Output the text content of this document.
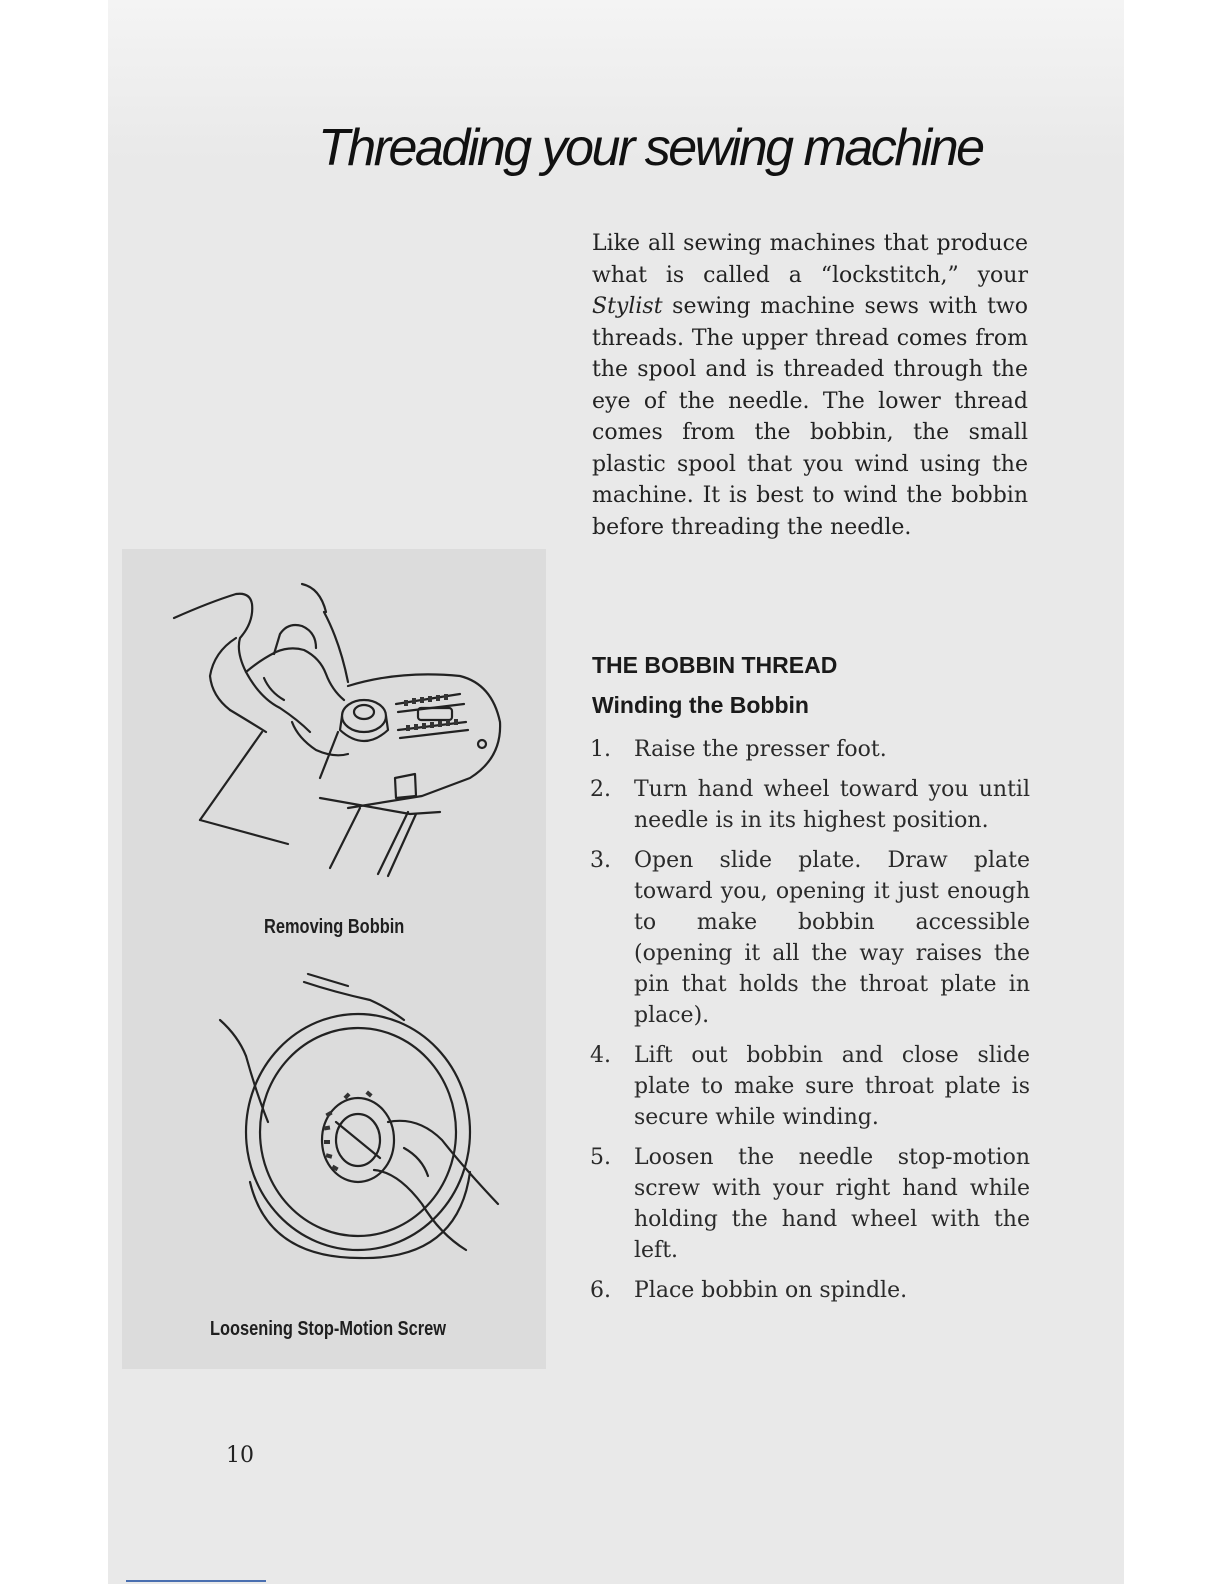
Threading your sewing machine

Like all sewing machines that produce what is called a “lockstitch,” your Stylist sewing machine sews with two threads. The upper thread comes from the spool and is threaded through the eye of the needle. The lower thread comes from the bobbin, the small plastic spool that you wind using the machine. It is best to wind the bobbin before threading the needle.

THE BOBBIN THREAD
Winding the Bobbin
1.	Raise the presser foot.
2.	Turn hand wheel toward you until needle is in its highest position.
3.	Open slide plate. Draw plate toward you, opening it just enough to make bobbin accessible (opening it all the way raises the pin that holds the throat plate in place).
4.	Lift out bobbin and close slide plate to make sure throat plate is secure while winding.
5.	Loosen the needle stop-motion screw with your right hand while holding the hand wheel with the left.
6.	Place bobbin on spindle.

Removing Bobbin

Loosening Stop-Motion Screw

10
